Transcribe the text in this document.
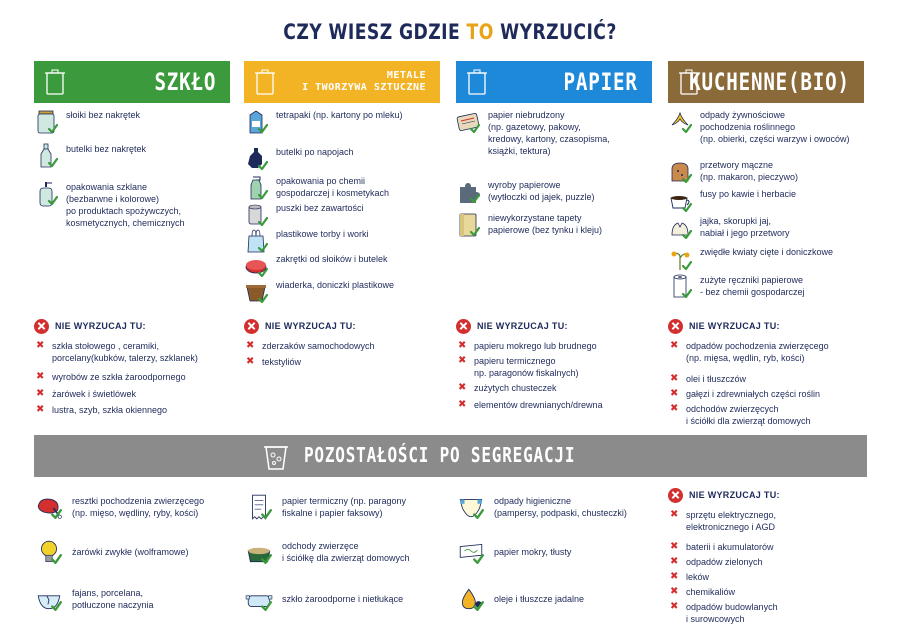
CZY WIESZ GDZIE TO WYRZUCIĆ?
SZKŁO
słoiki bez nakrętek
butelki bez nakrętek
opakowania szklane
(bezbarwne i kolorowe)
po produktach spożywczych,
kosmetycznych, chemicznych
NIE WYRZUCAJ TU:
✖ szkła stołowego , ceramiki,
porcelany(kubków, talerzy, szklanek)
✖ wyrobów ze szkła żaroodpornego
✖ żarówek i świetlówek
✖ lustra, szyb, szkła okiennego
METALE
I TWORZYWA SZTUCZNE
tetrapaki (np. kartony po mleku)
butelki po napojach
opakowania po chemii
gospodarczej i kosmetykach
puszki bez zawartości
plastikowe torby i worki
zakrętki od słoików i butelek
wiaderka, doniczki plastikowe
NIE WYRZUCAJ TU:
✖ zderzaków samochodowych
✖ tekstyliów
PAPIER
papier niebrudzony
(np. gazetowy, pakowy,
kredowy, kartony, czasopisma,
książki, tektura)
wyroby papierowe
(wytłoczki od jajek, puzzle)
niewykorzystane tapety
papierowe (bez tynku i kleju)
NIE WYRZUCAJ TU:
✖ papieru mokrego lub brudnego
✖ papieru termicznego
np. paragonów fiskalnych)
✖ zużytych chusteczek
✖ elementów drewnianych/drewna
KUCHENNE(BIO)
odpady żywnościowe
pochodzenia roślinnego
(np. obierki, części warzyw i owoców)
przetwory mączne
(np. makaron, pieczywo)
fusy po kawie i herbacie
jajka, skorupki jaj,
nabiał i jego przetwory
zwiędłe kwiaty cięte i doniczkowe
zużyte ręczniki papierowe
- bez chemii gospodarczej
NIE WYRZUCAJ TU:
✖ odpadów pochodzenia zwierzęcego
(np. mięsa, wędlin, ryb, kości)
✖ olei i tłuszczów
✖ gałęzi i zdrewniałych części roślin
✖ odchodów zwierzęcych
i ściółki dla zwierząt domowych
POZOSTAŁOŚCI PO SEGREGACJI
resztki pochodzenia zwierzęcego
(np. mięso, wędliny, ryby, kości)
żarówki zwykłe (wolframowe)
fajans, porcelana,
potłuczone naczynia
papier termiczny (np. paragony
fiskalne i papier faksowy)
odchody zwierzęce
i ściółkę dla zwierząt domowych
szkło żaroodporne i nietłukące
odpady higieniczne
(pampersy, podpaski, chusteczki)
papier mokry, tłusty
oleje i tłuszcze jadalne
NIE WYRZUCAJ TU:
✖ sprzętu elektrycznego,
elektronicznego i AGD
✖ baterii i akumulatorów
✖ odpadów zielonych
✖ leków
✖ chemikaliów
✖ odpadów budowlanych
i surowcowych
